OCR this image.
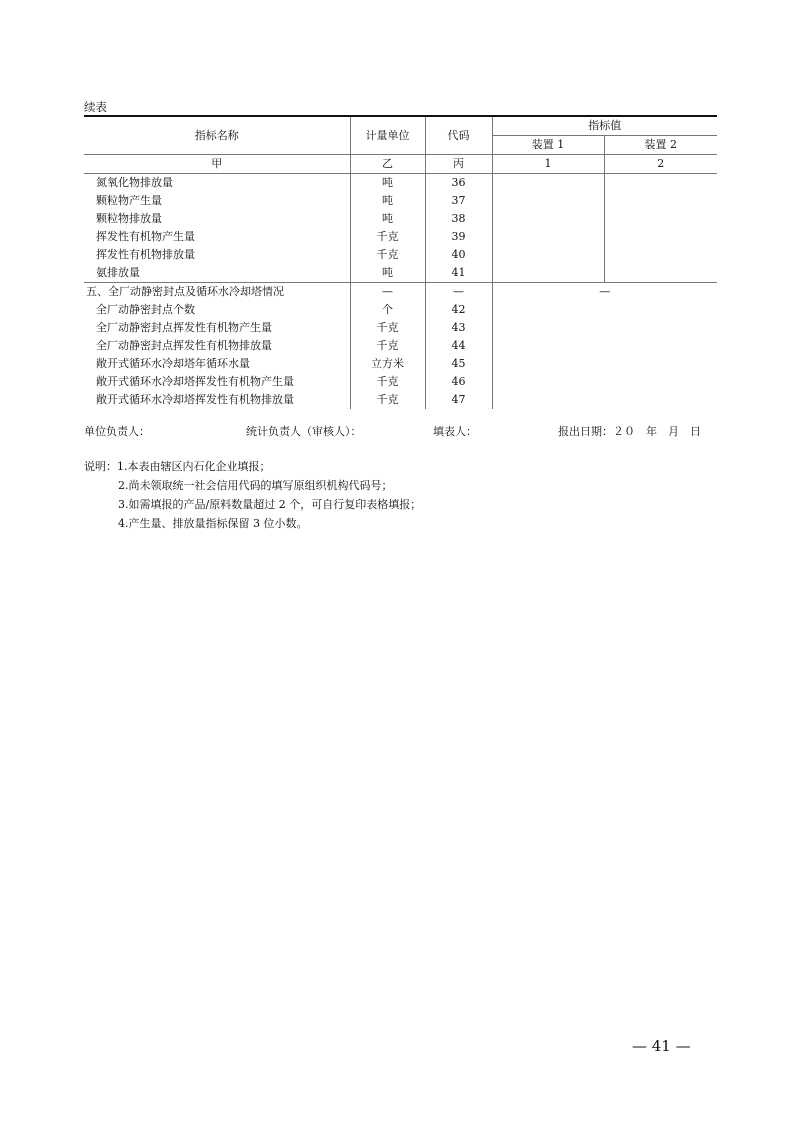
续表
指标名称	计量单位	代码	指标值	
			装置 1	装置 2
甲	乙	丙	1	2
氮氧化物排放量	吨	36		
颗粒物产生量	吨	37		
颗粒物排放量	吨	38		
挥发性有机物产生量	千克	39		
挥发性有机物排放量	千克	40		
氨排放量	吨	41		
五、全厂动静密封点及循环水冷却塔情况	—	—	—	
全厂动静密封点个数	个	42		
全厂动静密封点挥发性有机物产生量	千克	43		
全厂动静密封点挥发性有机物排放量	千克	44		
敞开式循环水冷却塔年循环水量	立方米	45		
敞开式循环水冷却塔挥发性有机物产生量	千克	46		
敞开式循环水冷却塔挥发性有机物排放量	千克	47		
单位负责人：	统计负责人（审核人）：	填表人：	报出日期：２０　年　月　日
说明：1.本表由辖区内石化企业填报；
2.尚未领取统一社会信用代码的填写原组织机构代码号；
3.如需填报的产品/原料数量超过 2 个，可自行复印表格填报；
4.产生量、排放量指标保留 3 位小数。
— 41 —
